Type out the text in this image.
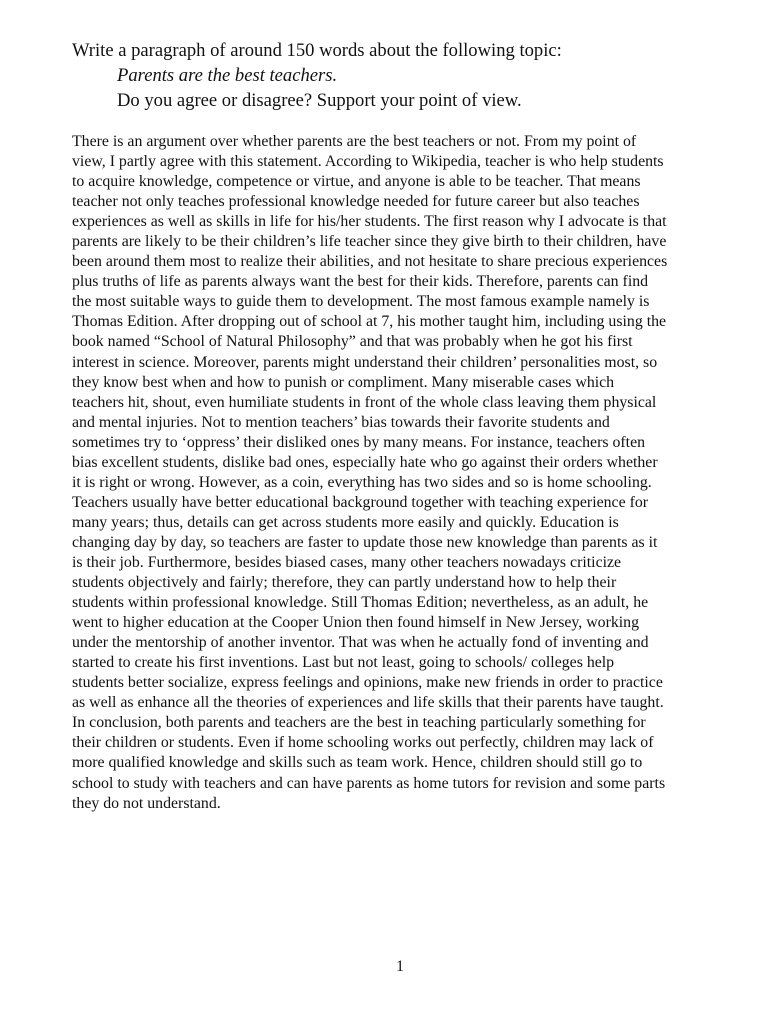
Write a paragraph of around 150 words about the following topic:
Parents are the best teachers.
Do you agree or disagree? Support your point of view.
There is an argument over whether parents are the best teachers or not. From my point of
view, I partly agree with this statement. According to Wikipedia, teacher is who help students
to acquire knowledge, competence or virtue, and anyone is able to be teacher. That means
teacher not only teaches professional knowledge needed for future career but also teaches
experiences as well as skills in life for his/her students. The first reason why I advocate is that
parents are likely to be their children’s life teacher since they give birth to their children, have
been around them most to realize their abilities, and not hesitate to share precious experiences
plus truths of life as parents always want the best for their kids. Therefore, parents can find
the most suitable ways to guide them to development. The most famous example namely is
Thomas Edition. After dropping out of school at 7, his mother taught him, including using the
book named “School of Natural Philosophy” and that was probably when he got his first
interest in science. Moreover, parents might understand their children’ personalities most, so
they know best when and how to punish or compliment. Many miserable cases which
teachers hit, shout, even humiliate students in front of the whole class leaving them physical
and mental injuries. Not to mention teachers’ bias towards their favorite students and
sometimes try to ‘oppress’ their disliked ones by many means. For instance, teachers often
bias excellent students, dislike bad ones, especially hate who go against their orders whether
it is right or wrong. However, as a coin, everything has two sides and so is home schooling.
Teachers usually have better educational background together with teaching experience for
many years; thus, details can get across students more easily and quickly. Education is
changing day by day, so teachers are faster to update those new knowledge than parents as it
is their job. Furthermore, besides biased cases, many other teachers nowadays criticize
students objectively and fairly; therefore, they can partly understand how to help their
students within professional knowledge. Still Thomas Edition; nevertheless, as an adult, he
went to higher education at the Cooper Union then found himself in New Jersey, working
under the mentorship of another inventor. That was when he actually fond of inventing and
started to create his first inventions. Last but not least, going to schools/ colleges help
students better socialize, express feelings and opinions, make new friends in order to practice
as well as enhance all the theories of experiences and life skills that their parents have taught.
In conclusion, both parents and teachers are the best in teaching particularly something for
their children or students. Even if home schooling works out perfectly, children may lack of
more qualified knowledge and skills such as team work. Hence, children should still go to
school to study with teachers and can have parents as home tutors for revision and some parts
they do not understand.
1
